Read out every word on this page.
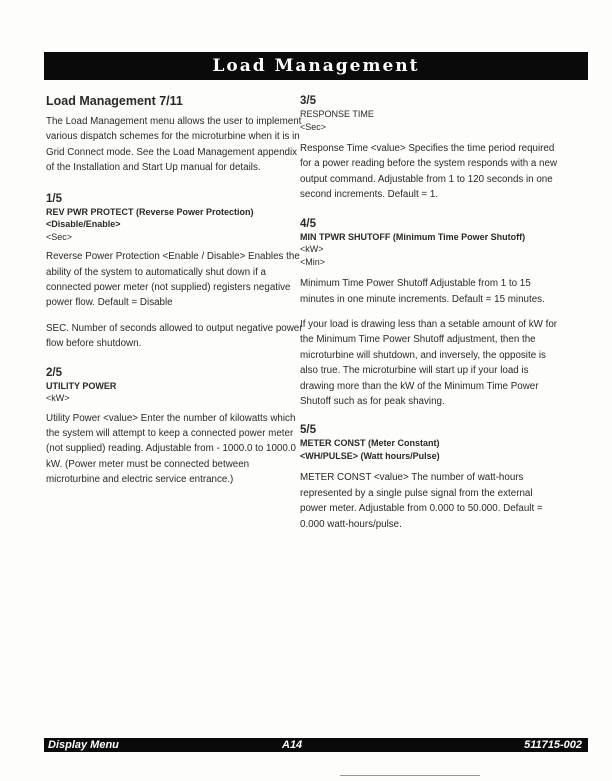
Load Management
Load Management 7/11

The Load Management menu allows the user to implement various dispatch schemes for the microturbine when it is in Grid Connect mode. See the Load Management appendix of the Installation and Start Up manual for details.

1/5

REV PWR PROTECT (Reverse Power Protection)

<Disable/Enable>

<Sec>

Reverse Power Protection <Enable / Disable> Enables the ability of the system to automatically shut down if a connected power meter (not supplied) registers negative power flow. Default = Disable

SEC. Number of seconds allowed to output negative power flow before shutdown.

2/5

UTILITY POWER

<kW>

Utility Power <value> Enter the number of kilowatts which the system will attempt to keep a connected power meter (not supplied) reading. Adjustable from - 1000.0 to 1000.0 kW. (Power meter must be connected between microturbine and electric service entrance.)

3/5

RESPONSE TIME

<Sec>

Response Time <value> Specifies the time period required for a power reading before the system responds with a new output command. Adjustable from 1 to 120 seconds in one second increments. Default = 1.

4/5

MIN TPWR SHUTOFF (Minimum Time Power Shutoff)

<kW>

<Min>

Minimum Time Power Shutoff Adjustable from 1 to 15 minutes in one minute increments. Default = 15 minutes.

If your load is drawing less than a setable amount of kW for the Minimum Time Power Shutoff adjustment, then the microturbine will shutdown, and inversely, the opposite is also true. The microturbine will start up if your load is drawing more than the kW of the Minimum Time Power Shutoff such as for peak shaving.

5/5

METER CONST (Meter Constant)

<WH/PULSE> (Watt hours/Pulse)

METER CONST <value> The number of watt-hours represented by a single pulse signal from the external power meter. Adjustable from 0.000 to 50.000. Default = 0.000 watt-hours/pulse.

Display Menu	A14	511715-002
